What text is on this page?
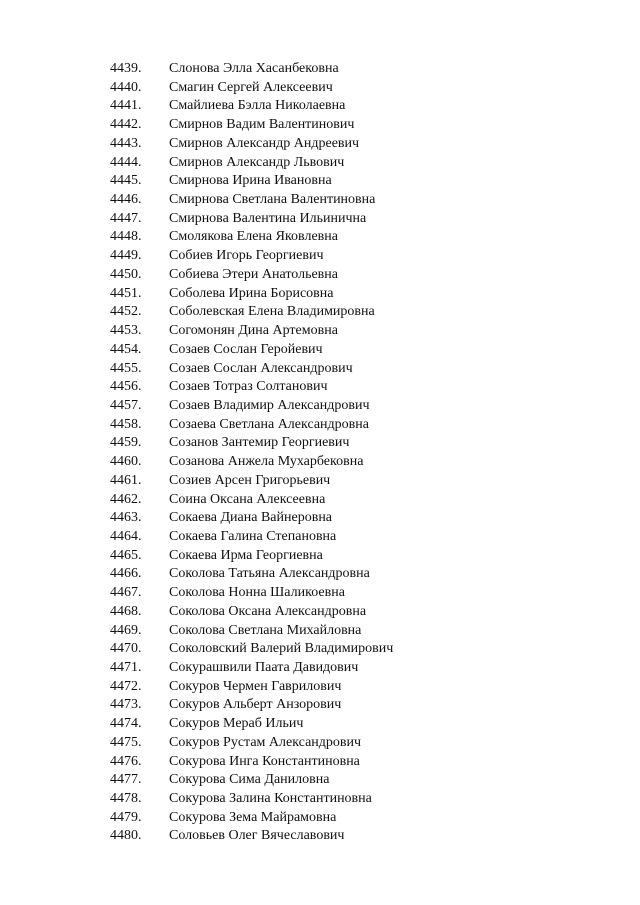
4439. Слонова Элла Хасанбековна
4440. Смагин Сергей Алексеевич
4441. Смайлиева Бэлла Николаевна
4442. Смирнов Вадим Валентинович
4443. Смирнов Александр Андреевич
4444. Смирнов Александр Львович
4445. Смирнова Ирина Ивановна
4446. Смирнова Светлана Валентиновна
4447. Смирнова Валентина Ильинична
4448. Смолякова Елена Яковлевна
4449. Собиев Игорь Георгиевич
4450. Собиева Этери Анатольевна
4451. Соболева Ирина Борисовна
4452. Соболевская Елена Владимировна
4453. Согомонян Дина Артемовна
4454. Созаев Сослан Геройевич
4455. Созаев Сослан Александрович
4456. Созаев Тотраз Солтанович
4457. Созаев Владимир Александрович
4458. Созаева Светлана Александровна
4459. Созанов Зантемир Георгиевич
4460. Созанова Анжела Мухарбековна
4461. Созиев Арсен Григорьевич
4462. Соина Оксана Алексеевна
4463. Сокаева Диана Вайнеровна
4464. Сокаева Галина Степановна
4465. Сокаева Ирма Георгиевна
4466. Соколова Татьяна Александровна
4467. Соколова Нонна Шаликоевна
4468. Соколова Оксана Александровна
4469. Соколова Светлана Михайловна
4470. Соколовский Валерий Владимирович
4471. Сокурашвили Паата Давидович
4472. Сокуров Чермен Гаврилович
4473. Сокуров Альберт Анзорович
4474. Сокуров Мераб Ильич
4475. Сокуров Рустам Александрович
4476. Сокурова Инга Константиновна
4477. Сокурова Сима Даниловна
4478. Сокурова Залина Константиновна
4479. Сокурова Зема Майрамовна
4480. Соловьев Олег Вячеславович
